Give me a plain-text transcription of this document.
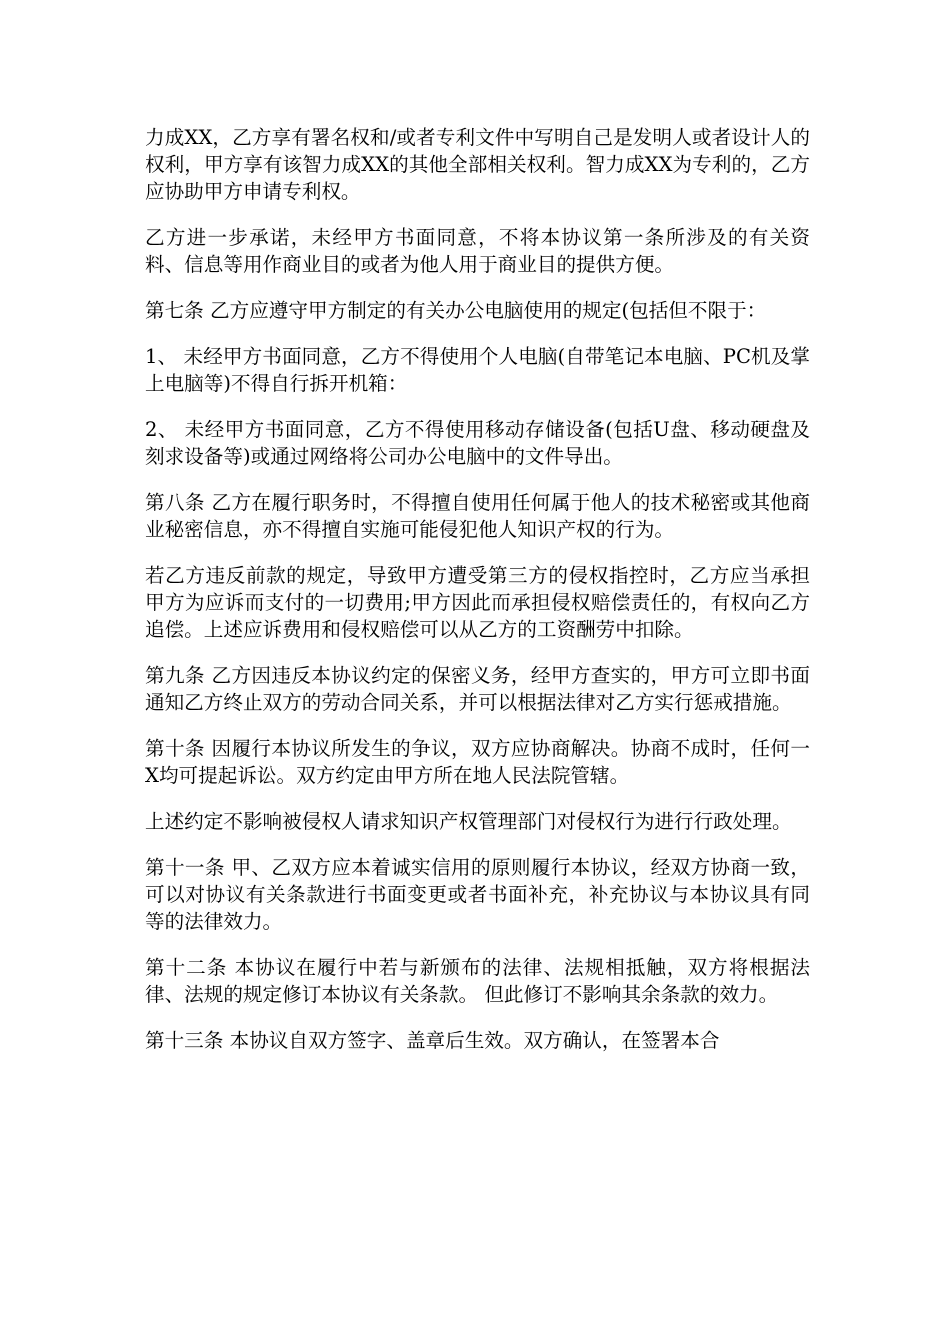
力成XX，乙方享有署名权和/或者专利文件中写明自己是发明人或者设计人的权利，甲方享有该智力成XX的其他全部相关权利。智力成XX为专利的，乙方应协助甲方申请专利权。

乙方进一步承诺，未经甲方书面同意，不将本协议第一条所涉及的有关资料、信息等用作商业目的或者为他人用于商业目的提供方便。

第七条 乙方应遵守甲方制定的有关办公电脑使用的规定(包括但不限于：

1、 未经甲方书面同意，乙方不得使用个人电脑(自带笔记本电脑、PC机及掌上电脑等)不得自行拆开机箱：

2、 未经甲方书面同意，乙方不得使用移动存储设备(包括U盘、移动硬盘及刻求设备等)或通过网络将公司办公电脑中的文件导出。

第八条 乙方在履行职务时，不得擅自使用任何属于他人的技术秘密或其他商业秘密信息，亦不得擅自实施可能侵犯他人知识产权的行为。

若乙方违反前款的规定，导致甲方遭受第三方的侵权指控时，乙方应当承担甲方为应诉而支付的一切费用;甲方因此而承担侵权赔偿责任的，有权向乙方追偿。上述应诉费用和侵权赔偿可以从乙方的工资酬劳中扣除。

第九条 乙方因违反本协议约定的保密义务，经甲方查实的，甲方可立即书面通知乙方终止双方的劳动合同关系，并可以根据法律对乙方实行惩戒措施。

第十条 因履行本协议所发生的争议，双方应协商解决。协商不成时，任何一X均可提起诉讼。双方约定由甲方所在地人民法院管辖。

上述约定不影响被侵权人请求知识产权管理部门对侵权行为进行行政处理。

第十一条 甲、乙双方应本着诚实信用的原则履行本协议，经双方协商一致，可以对协议有关条款进行书面变更或者书面补充，补充协议与本协议具有同等的法律效力。

第十二条 本协议在履行中若与新颁布的法律、法规相抵触，双方将根据法律、法规的规定修订本协议有关条款。 但此修订不影响其余条款的效力。

第十三条 本协议自双方签字、盖章后生效。双方确认，在签署本合
